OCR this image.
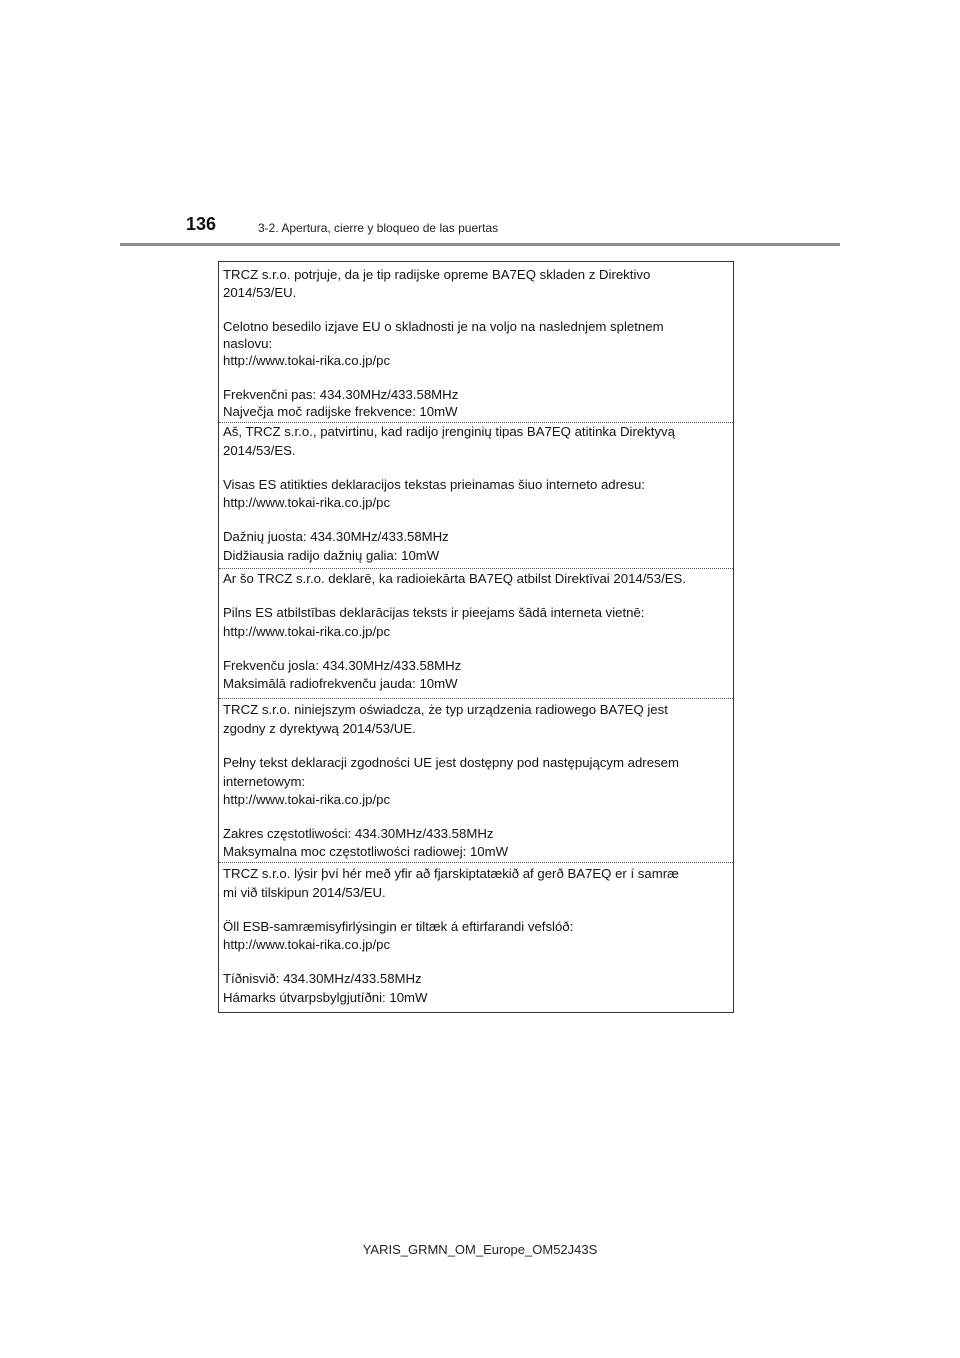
136	3-2. Apertura, cierre y bloqueo de las puertas
TRCZ s.r.o. potrjuje, da je tip radijske opreme BA7EQ skladen z Direktivo
2014/53/EU.
Celotno besedilo izjave EU o skladnosti je na voljo na naslednjem spletnem
naslovu:
http://www.tokai-rika.co.jp/pc
Frekvenčni pas: 434.30MHz/433.58MHz
Največja moč radijske frekvence: 10mW
Aš, TRCZ s.r.o., patvirtinu, kad radijo įrenginių tipas BA7EQ atitinka Direktyvą
2014/53/ES.
Visas ES atitikties deklaracijos tekstas prieinamas šiuo interneto adresu:
http://www.tokai-rika.co.jp/pc
Dažnių juosta: 434.30MHz/433.58MHz
Didžiausia radijo dažnių galia: 10mW
Ar šo TRCZ s.r.o. deklarē, ka radioiekārta BA7EQ atbilst Direktīvai 2014/53/ES.
Pilns ES atbilstības deklarācijas teksts ir pieejams šādā interneta vietnē:
http://www.tokai-rika.co.jp/pc
Frekvenču josla: 434.30MHz/433.58MHz
Maksimālā radiofrekvenču jauda: 10mW
TRCZ s.r.o. niniejszym oświadcza, że typ urządzenia radiowego BA7EQ jest
zgodny z dyrektywą 2014/53/UE.
Pełny tekst deklaracji zgodności UE jest dostępny pod następującym adresem
internetowym:
http://www.tokai-rika.co.jp/pc
Zakres częstotliwości: 434.30MHz/433.58MHz
Maksymalna moc częstotliwości radiowej: 10mW
TRCZ s.r.o. lýsir því hér með yfir að fjarskiptatækið af gerð BA7EQ er í samræ
mi við tilskipun 2014/53/EU.
Öll ESB-samræmisyfirlýsingin er tiltæk á eftirfarandi vefslóð:
http://www.tokai-rika.co.jp/pc
Tíðnisvið: 434.30MHz/433.58MHz
Hámarks útvarpsbylgjutíðni: 10mW
YARIS_GRMN_OM_Europe_OM52J43S
